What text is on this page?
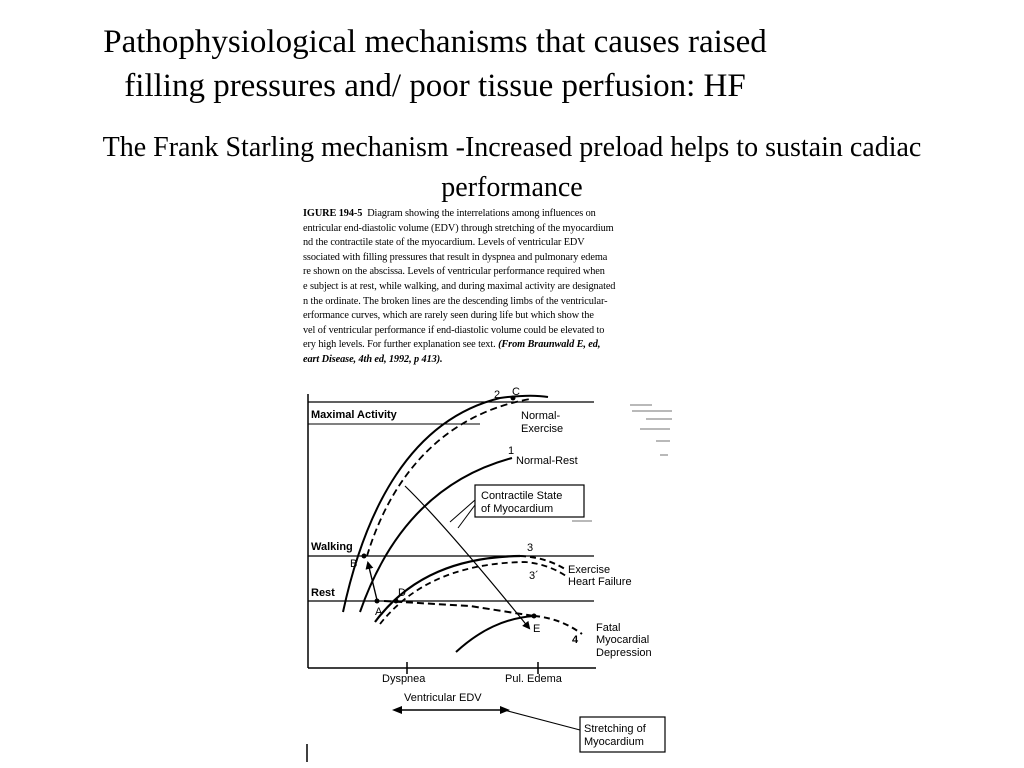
Pathophysiological mechanisms that causes raised
filling pressures and/ poor tissue perfusion: HF
The Frank Starling mechanism -Increased preload helps to sustain cadiac
performance
IGURE 194-5 Diagram showing the interrelations among influences on
entricular end-diastolic volume (EDV) through stretching of the myocardium
nd the contractile state of the myocardium. Levels of ventricular EDV
ssociated with filling pressures that result in dyspnea and pulmonary edema
re shown on the abscissa. Levels of ventricular performance required when
e subject is at rest, while walking, and during maximal activity are designated
n the ordinate. The broken lines are the descending limbs of the ventricular-
erformance curves, which are rarely seen during life but which show the
vel of ventricular performance if end-diastolic volume could be elevated to
ery high levels. For further explanation see text. (From Braunwald E, ed,
eart Disease, 4th ed, 1992, p 413).
Maximal Activity
Walking
Rest
A
B
C
D
E
2
Normal-
Exercise
1
Normal-Rest
3
3´	Exercise
Heart Failure
4
Fatal
Myocardial
Depression
Contractile State
of Myocardium
Dyspnea	Pul. Edema
Ventricular EDV
Stretching of
Myocardium
